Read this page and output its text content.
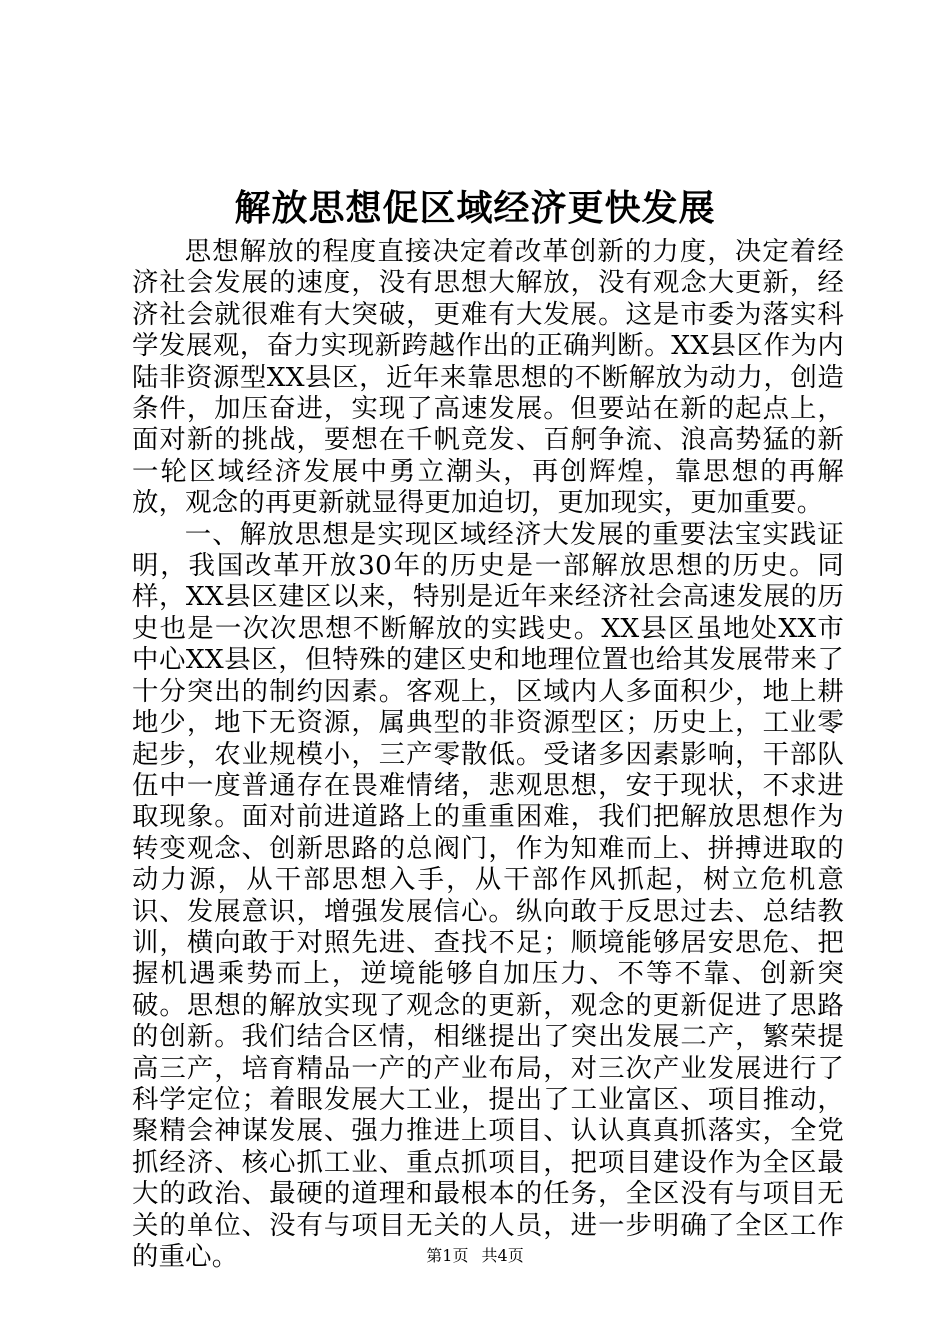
解放思想促区域经济更快发展

思想解放的程度直接决定着改革创新的力度，决定着经济社会发展的速度，没有思想大解放，没有观念大更新，经济社会就很难有大突破，更难有大发展。这是市委为落实科学发展观，奋力实现新跨越作出的正确判断。XX县区作为内陆非资源型XX县区，近年来靠思想的不断解放为动力，创造条件，加压奋进，实现了高速发展。但要站在新的起点上，面对新的挑战，要想在千帆竞发、百舸争流、浪高势猛的新一轮区域经济发展中勇立潮头，再创辉煌，靠思想的再解放，观念的再更新就显得更加迫切，更加现实，更加重要。

一、解放思想是实现区域经济大发展的重要法宝实践证明，我国改革开放30年的历史是一部解放思想的历史。同样，XX县区建区以来，特别是近年来经济社会高速发展的历史也是一次次思想不断解放的实践史。XX县区虽地处XX市中心XX县区，但特殊的建区史和地理位置也给其发展带来了十分突出的制约因素。客观上，区域内人多面积少，地上耕地少，地下无资源，属典型的非资源型区；历史上，工业零起步，农业规模小，三产零散低。受诸多因素影响，干部队伍中一度普通存在畏难情绪，悲观思想，安于现状，不求进取现象。面对前进道路上的重重困难，我们把解放思想作为转变观念、创新思路的总阀门，作为知难而上、拼搏进取的动力源，从干部思想入手，从干部作风抓起，树立危机意识、发展意识，增强发展信心。纵向敢于反思过去、总结教训，横向敢于对照先进、查找不足；顺境能够居安思危、把握机遇乘势而上，逆境能够自加压力、不等不靠、创新突破。思想的解放实现了观念的更新，观念的更新促进了思路的创新。我们结合区情，相继提出了突出发展二产，繁荣提高三产，培育精品一产的产业布局，对三次产业发展进行了科学定位；着眼发展大工业，提出了工业富区、项目推动，聚精会神谋发展、强力推进上项目、认认真真抓落实，全党抓经济、核心抓工业、重点抓项目，把项目建设作为全区最大的政治、最硬的道理和最根本的任务，全区没有与项目无关的单位、没有与项目无关的人员，进一步明确了全区工作的重心。	第1页 共4页
